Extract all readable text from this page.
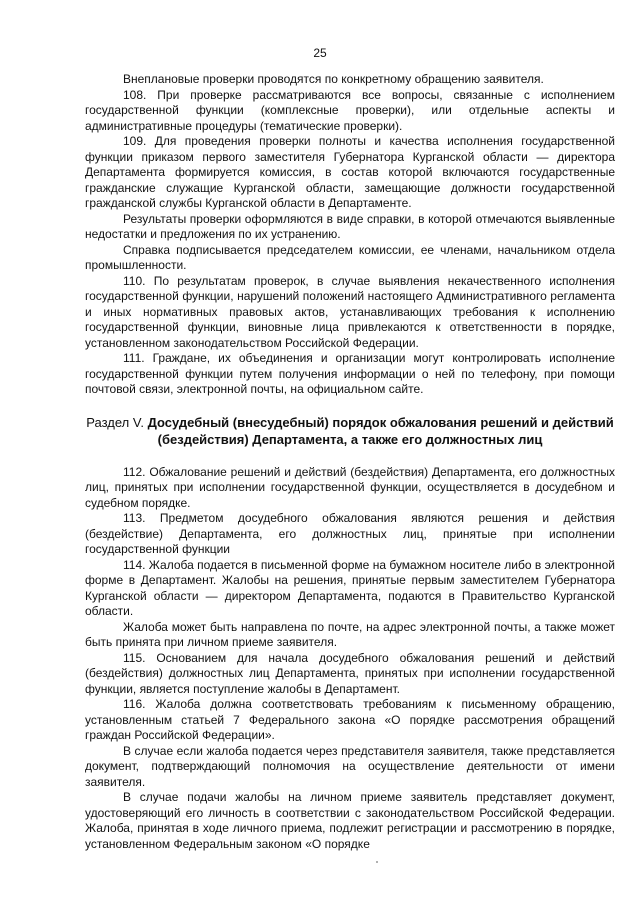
25

Внеплановые проверки проводятся по конкретному обращению заявителя.

108. При проверке рассматриваются все вопросы, связанные с исполнением государственной функции (комплексные проверки), или отдельные аспекты и административные процедуры (тематические проверки).

109. Для проведения проверки полноты и качества исполнения государственной функции приказом первого заместителя Губернатора Курганской области — директора Департамента формируется комиссия, в состав которой включаются государственные гражданские служащие Курганской области, замещающие должности государственной гражданской службы Курганской области в Департаменте.

Результаты проверки оформляются в виде справки, в которой отмечаются выявленные недостатки и предложения по их устранению.

Справка подписывается председателем комиссии, ее членами, начальником отдела промышленности.

110. По результатам проверок, в случае выявления некачественного исполнения государственной функции, нарушений положений настоящего Административного регламента и иных нормативных правовых актов, устанавливающих требования к исполнению государственной функции, виновные лица привлекаются к ответственности в порядке, установленном законодательством Российской Федерации.

111. Граждане, их объединения и организации могут контролировать исполнение государственной функции путем получения информации о ней по телефону, при помощи почтовой связи, электронной почты, на официальном сайте.

Раздел V. Досудебный (внесудебный) порядок обжалования решений и действий (бездействия) Департамента, а также его должностных лиц

112. Обжалование решений и действий (бездействия) Департамента, его должностных лиц, принятых при исполнении государственной функции, осуществляется в досудебном и судебном порядке.

113. Предметом досудебного обжалования являются решения и действия (бездействие) Департамента, его должностных лиц, принятые при исполнении государственной функции

114. Жалоба подается в письменной форме на бумажном носителе либо в электронной форме в Департамент. Жалобы на решения, принятые первым заместителем Губернатора Курганской области — директором Департамента, подаются в Правительство Курганской области.

Жалоба может быть направлена по почте, на адрес электронной почты, а также может быть принята при личном приеме заявителя.

115. Основанием для начала досудебного обжалования решений и действий (бездействия) должностных лиц Департамента, принятых при исполнении государственной функции, является поступление жалобы в Департамент.

116. Жалоба должна соответствовать требованиям к письменному обращению, установленным статьей 7 Федерального закона «О порядке рассмотрения обращений граждан Российской Федерации».

В случае если жалоба подается через представителя заявителя, также представляется документ, подтверждающий полномочия на осуществление деятельности от имени заявителя.

В случае подачи жалобы на личном приеме заявитель представляет документ, удостоверяющий его личность в соответствии с законодательством Российской Федерации. Жалоба, принятая в ходе личного приема, подлежит регистрации и рассмотрению в порядке, установленном Федеральным законом «О порядке
